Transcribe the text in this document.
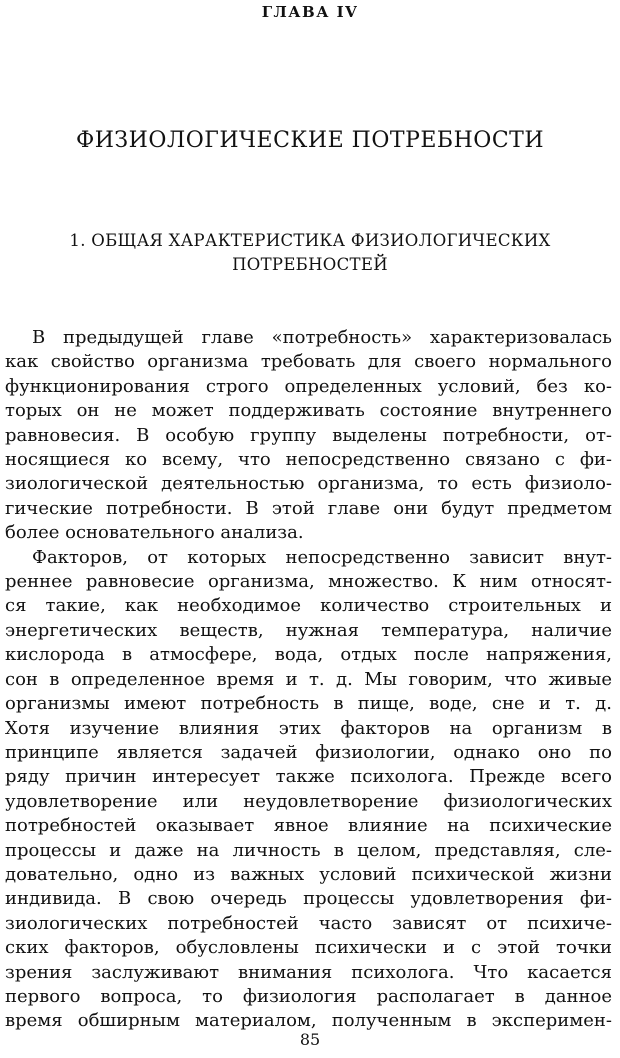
ГЛАВА IV
ФИЗИОЛОГИЧЕСКИЕ ПОТРЕБНОСТИ
1. ОБЩАЯ ХАРАКТЕРИСТИКА ФИЗИОЛОГИЧЕСКИХ
ПОТРЕБНОСТЕЙ
В предыдущей главе «потребность» характеризовалась
как свойство организма требовать для своего нормального
функционирования строго определенных условий, без ко-
торых он не может поддерживать состояние внутреннего
равновесия. В особую группу выделены потребности, от-
носящиеся ко всему, что непосредственно связано с фи-
зиологической деятельностью организма, то есть физиоло-
гические потребности. В этой главе они будут предметом
более основательного анализа.
Факторов, от которых непосредственно зависит внут-
реннее равновесие организма, множество. К ним относят-
ся такие, как необходимое количество строительных и
энергетических веществ, нужная температура, наличие
кислорода в атмосфере, вода, отдых после напряжения,
сон в определенное время и т. д. Мы говорим, что живые
организмы имеют потребность в пище, воде, сне и т. д.
Хотя изучение влияния этих факторов на организм в
принципе является задачей физиологии, однако оно по
ряду причин интересует также психолога. Прежде всего
удовлетворение или неудовлетворение физиологических
потребностей оказывает явное влияние на психические
процессы и даже на личность в целом, представляя, сле-
довательно, одно из важных условий психической жизни
индивида. В свою очередь процессы удовлетворения фи-
зиологических потребностей часто зависят от психиче-
ских факторов, обусловлены психически и с этой точки
зрения заслуживают внимания психолога. Что касается
первого вопроса, то физиология располагает в данное
время обширным материалом, полученным в эксперимен-
85
